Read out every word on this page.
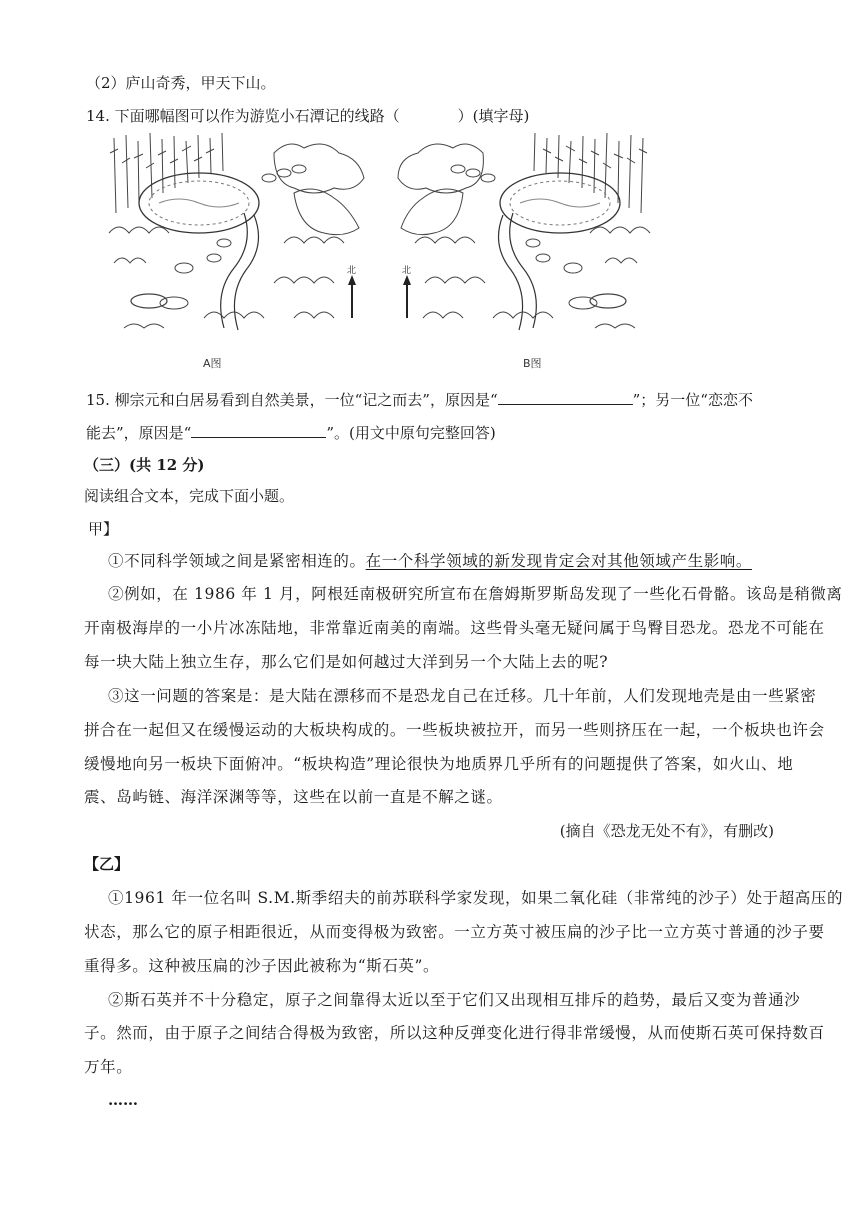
（2）庐山奇秀，甲天下山。
14. 下面哪幅图可以作为游览小石潭记的线路（	）(填字母)
北	北
A图	B图
15. 柳宗元和白居易看到自然美景，一位“记之而去”，原因是“	”；另一位“恋恋不
能去”，原因是“	”。(用文中原句完整回答)
（三）(共 12 分)
阅读组合文本，完成下面小题。
甲】
①不同科学领域之间是紧密相连的。在一个科学领域的新发现肯定会对其他领域产生影响。
②例如，在 1986 年 1 月，阿根廷南极研究所宣布在詹姆斯罗斯岛发现了一些化石骨骼。该岛是稍微离
开南极海岸的一小片冰冻陆地，非常靠近南美的南端。这些骨头毫无疑问属于鸟臀目恐龙。恐龙不可能在
每一块大陆上独立生存，那么它们是如何越过大洋到另一个大陆上去的呢?
③这一问题的答案是：是大陆在漂移而不是恐龙自己在迁移。几十年前，人们发现地壳是由一些紧密
拼合在一起但又在缓慢运动的大板块构成的。一些板块被拉开，而另一些则挤压在一起，一个板块也许会
缓慢地向另一板块下面俯冲。“板块构造”理论很快为地质界几乎所有的问题提供了答案，如火山、地
震、岛屿链、海洋深渊等等，这些在以前一直是不解之谜。
(摘自《恐龙无处不有》，有删改)
【乙】
①1961 年一位名叫 S.M.斯季绍夫的前苏联科学家发现，如果二氧化硅（非常纯的沙子）处于超高压的
状态，那么它的原子相距很近，从而变得极为致密。一立方英寸被压扁的沙子比一立方英寸普通的沙子要
重得多。这种被压扁的沙子因此被称为“斯石英”。
②斯石英并不十分稳定，原子之间靠得太近以至于它们又出现相互排斥的趋势，最后又变为普通沙
子。然而，由于原子之间结合得极为致密，所以这种反弹变化进行得非常缓慢，从而使斯石英可保持数百
万年。
……
